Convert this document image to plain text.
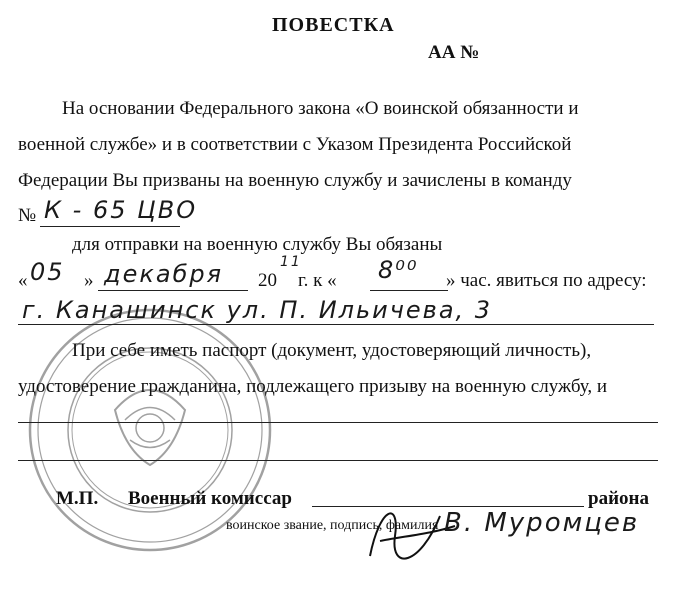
ПОВЕСТКА
АА №
На основании Федерального закона «О воинской обязанности и
военной службе» и в соответствии с Указом Президента Российской
Федерации Вы призваны на военную службу и зачислены в команду
№ К - 65 ЦВО
для отправки на военную службу Вы обязаны
« 05 » декабря 20
11
г. к « 8⁰⁰ » час. явиться по адресу:
г. Канашинск ул. П. Ильичева, 3
При себе иметь паспорт (документ, удостоверяющий личность),
удостоверение гражданина, подлежащего призыву на военную службу, и
М.П. Военный комиссар	района
воинское звание, подпись, фамилия В. Муромцев
